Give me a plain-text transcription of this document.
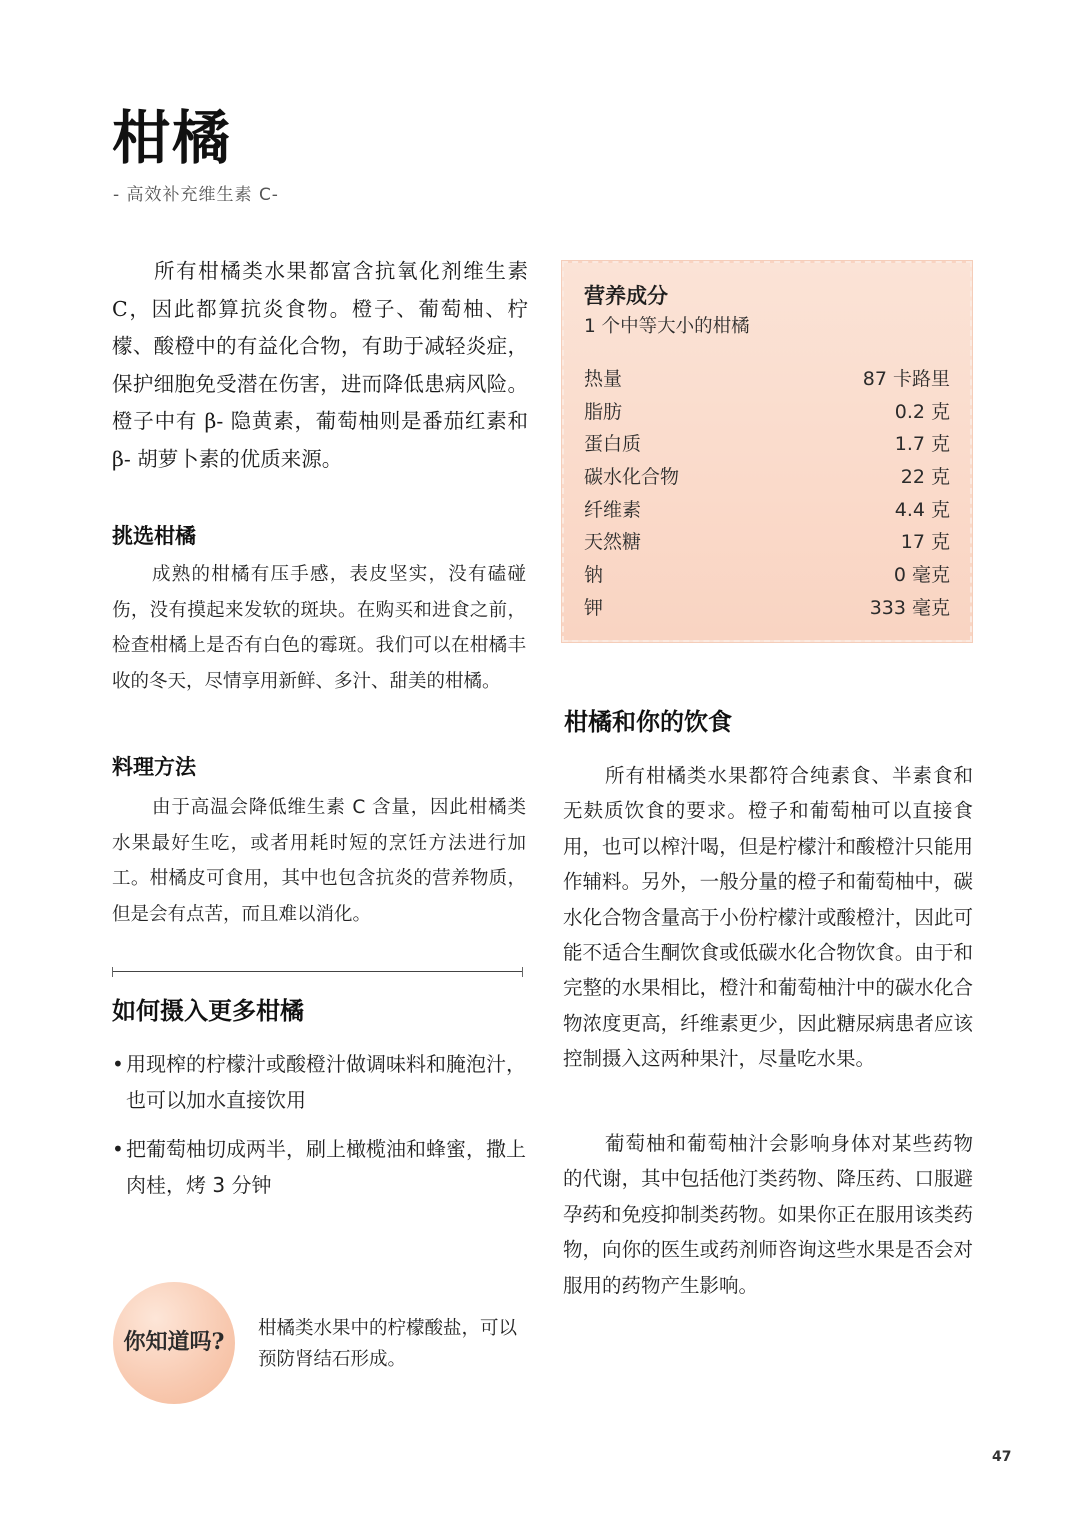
柑橘
- 高效补充维生素 C-

所有柑橘类水果都富含抗氧化剂维生素 C，因此都算抗炎食物。橙子、葡萄柚、柠檬、酸橙中的有益化合物，有助于减轻炎症，保护细胞免受潜在伤害，进而降低患病风险。橙子中有 β- 隐黄素，葡萄柚则是番茄红素和 β- 胡萝卜素的优质来源。

挑选柑橘

成熟的柑橘有压手感，表皮坚实，没有磕碰伤，没有摸起来发软的斑块。在购买和进食之前，检查柑橘上是否有白色的霉斑。我们可以在柑橘丰收的冬天，尽情享用新鲜、多汁、甜美的柑橘。

料理方法

由于高温会降低维生素 C 含量，因此柑橘类水果最好生吃，或者用耗时短的烹饪方法进行加工。柑橘皮可食用，其中也包含抗炎的营养物质，但是会有点苦，而且难以消化。

如何摄入更多柑橘
• 用现榨的柠檬汁或酸橙汁做调味料和腌泡汁，也可以加水直接饮用
• 把葡萄柚切成两半，刷上橄榄油和蜂蜜，撒上肉桂，烤 3 分钟
你知道吗?

柑橘类水果中的柠檬酸盐，可以预防肾结石形成。

营养成分
1 个中等大小的柑橘
热量	87 卡路里
脂肪	0.2 克
蛋白质	1.7 克
碳水化合物	22 克
纤维素	4.4 克
天然糖	17 克
钠	0 毫克
钾	333 毫克
柑橘和你的饮食

所有柑橘类水果都符合纯素食、半素食和无麸质饮食的要求。橙子和葡萄柚可以直接食用，也可以榨汁喝，但是柠檬汁和酸橙汁只能用作辅料。另外，一般分量的橙子和葡萄柚中，碳水化合物含量高于小份柠檬汁或酸橙汁，因此可能不适合生酮饮食或低碳水化合物饮食。由于和完整的水果相比，橙汁和葡萄柚汁中的碳水化合物浓度更高，纤维素更少，因此糖尿病患者应该控制摄入这两种果汁，尽量吃水果。

葡萄柚和葡萄柚汁会影响身体对某些药物的代谢，其中包括他汀类药物、降压药、口服避孕药和免疫抑制类药物。如果你正在服用该类药物，向你的医生或药剂师咨询这些水果是否会对服用的药物产生影响。

47
